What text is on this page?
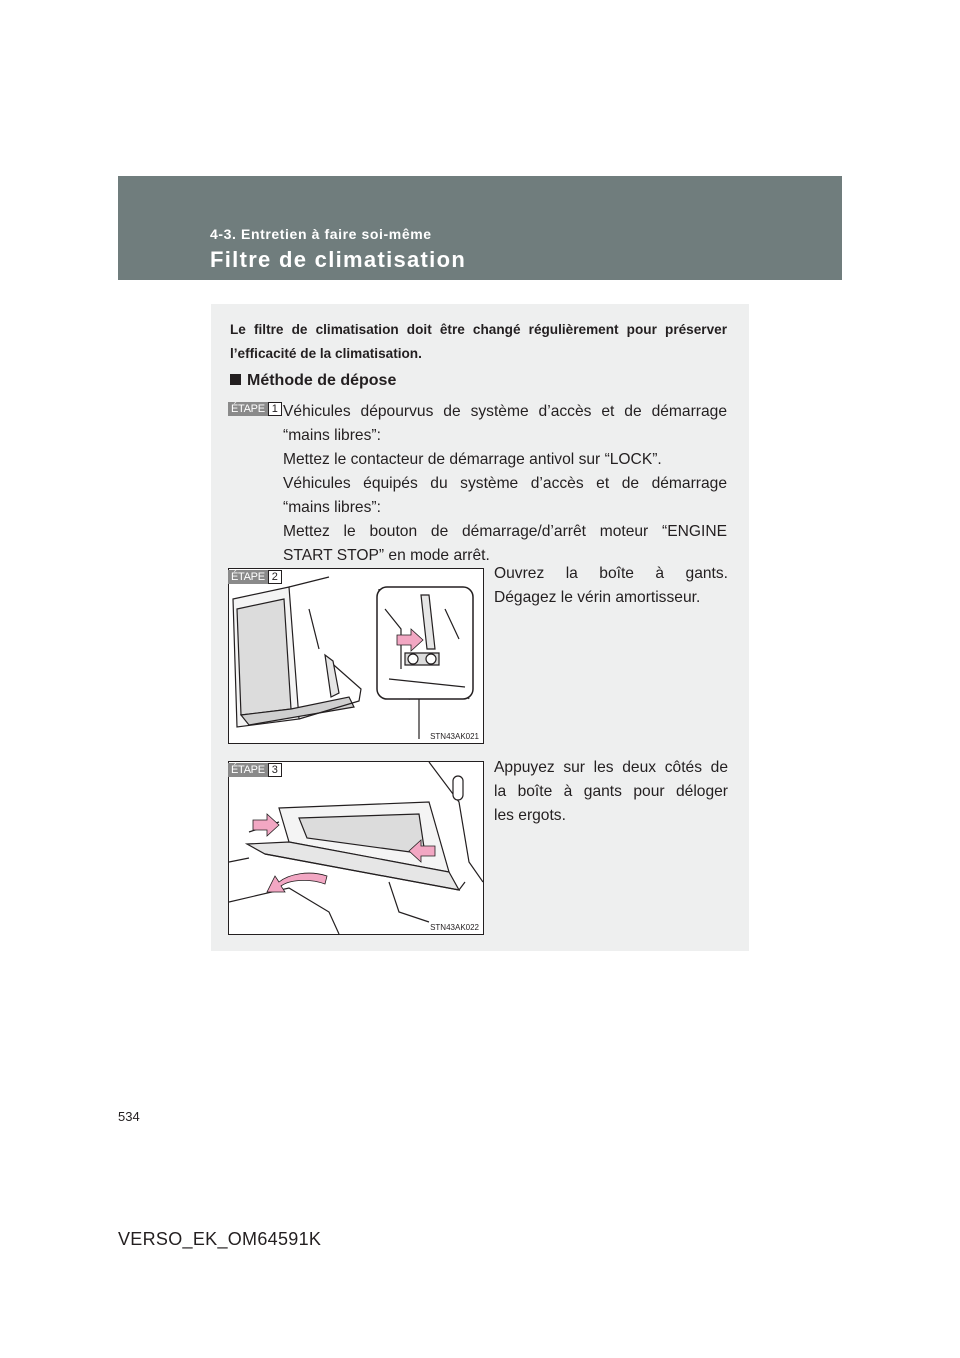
4-3. Entretien à faire soi-même
Filtre de climatisation
Le filtre de climatisation doit être changé régulièrement pour préserver l’efficacité de la climatisation.
Méthode de dépose
ÉTAPE 1 Véhicules dépourvus de système d’accès et de démarrage

“mains libres”:

Mettez le contacteur de démarrage antivol sur “LOCK”.

Véhicules équipés du système d’accès et de démarrage

“mains libres”:

Mettez le bouton de démarrage/d’arrêt moteur “ENGINE

START STOP” en mode arrêt.

STN43AK021
ÉTAPE 2	Ouvrez la boîte à gants.
Dégagez le vérin amortisseur.
STN43AK022
ÉTAPE 3	Appuyez sur les deux côtés de
la boîte à gants pour déloger
les ergots.
534
VERSO_EK_OM64591K
